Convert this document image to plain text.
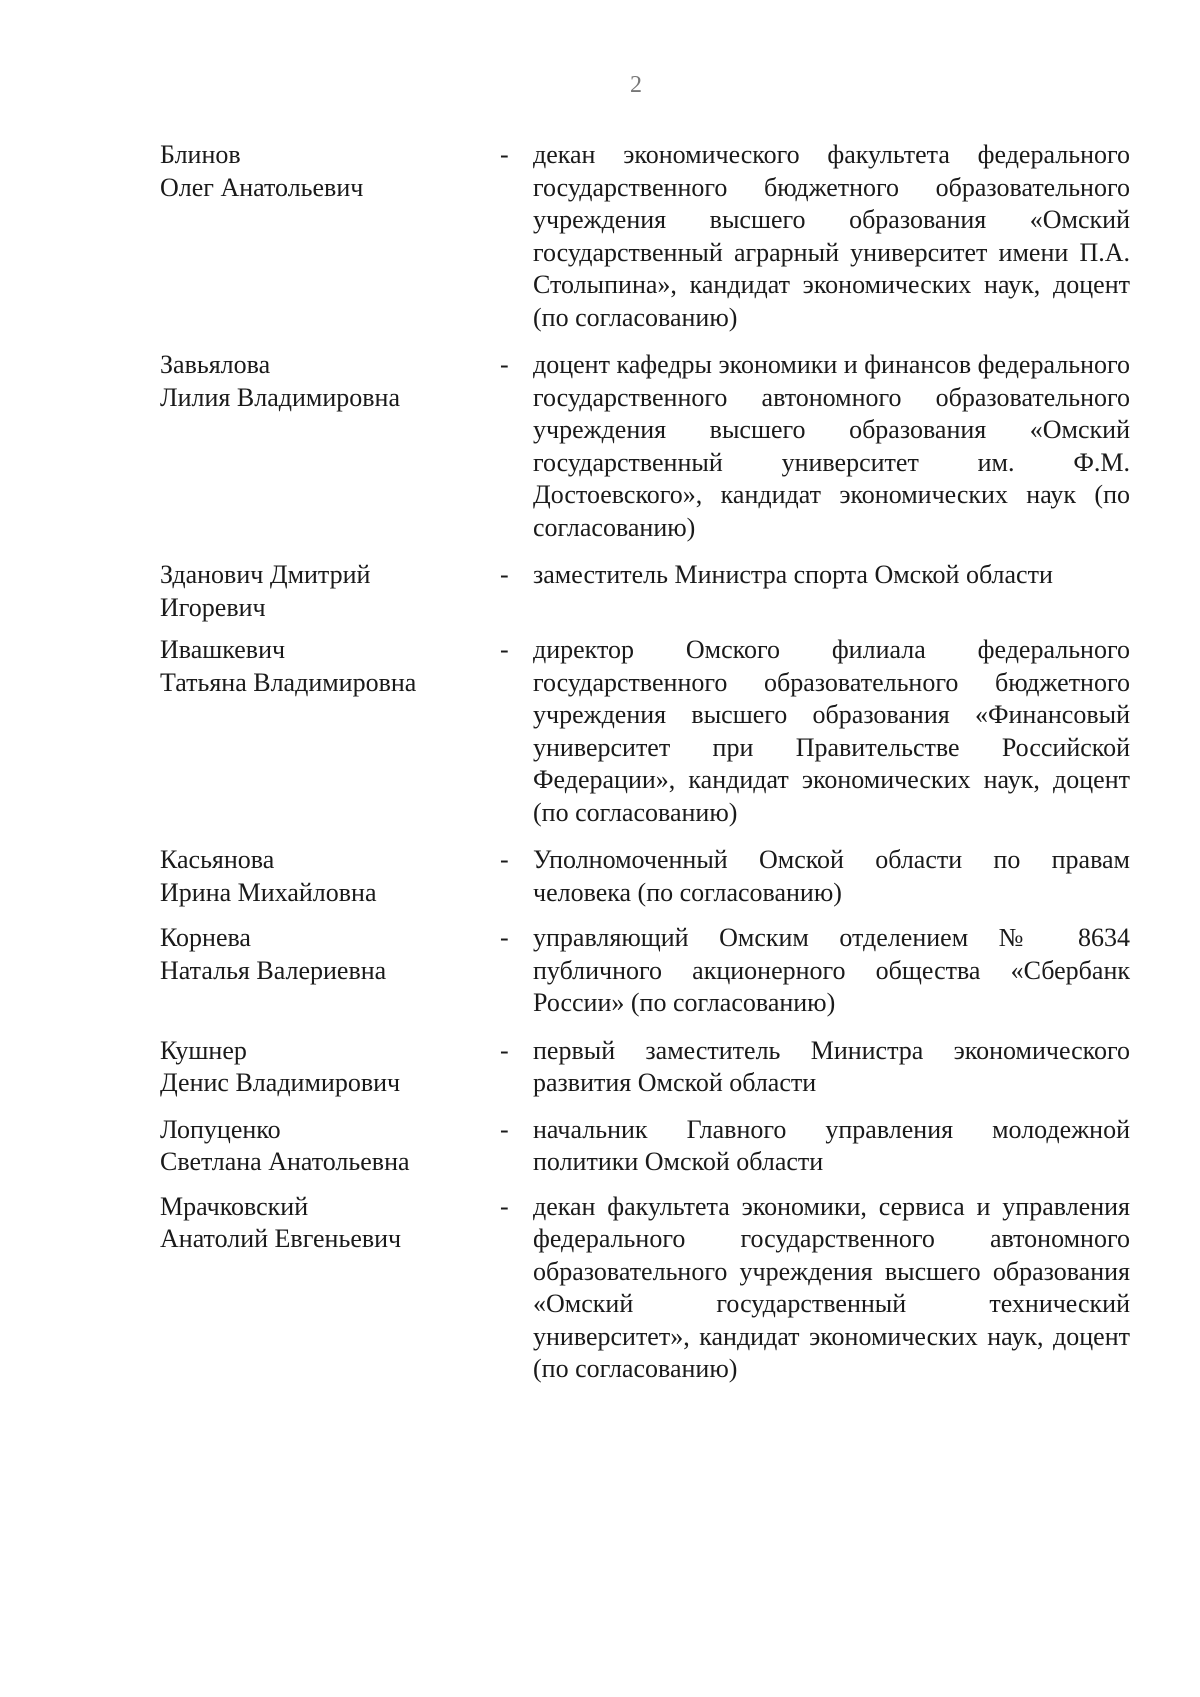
2
Блинов
Олег Анатольевич
- декан экономического факультета федерального государственного бюджетного образовательного учреждения высшего образования «Омский государственный аграрный университет имени П.А. Столыпина», кандидат экономических наук, доцент (по согласованию)
Завьялова
Лилия Владимировна
- доцент кафедры экономики и финансов федерального государственного автономного образовательного учреждения высшего образования «Омский государственный университет им. Ф.М. Достоевского», кандидат экономических наук (по согласованию)
Зданович Дмитрий
Игоревич
- заместитель Министра спорта Омской области
Ивашкевич
Татьяна Владимировна
- директор Омского филиала федерального государственного образовательного бюджетного учреждения высшего образования «Финансовый университет при Правительстве Российской Федерации», кандидат экономических наук, доцент (по согласованию)
Касьянова
Ирина Михайловна
- Уполномоченный Омской области по правам человека (по согласованию)
Корнева
Наталья Валериевна
- управляющий Омским отделением № 8634 публичного акционерного общества «Сбербанк России» (по согласованию)
Кушнер
Денис Владимирович
- первый заместитель Министра экономического развития Омской области
Лопуценко
Светлана Анатольевна
- начальник Главного управления молодежной политики Омской области
Мрачковский
Анатолий Евгеньевич
- декан факультета экономики, сервиса и управления федерального государственного автономного образовательного учреждения высшего образования «Омский государственный технический университет», кандидат экономических наук, доцент (по согласованию)
